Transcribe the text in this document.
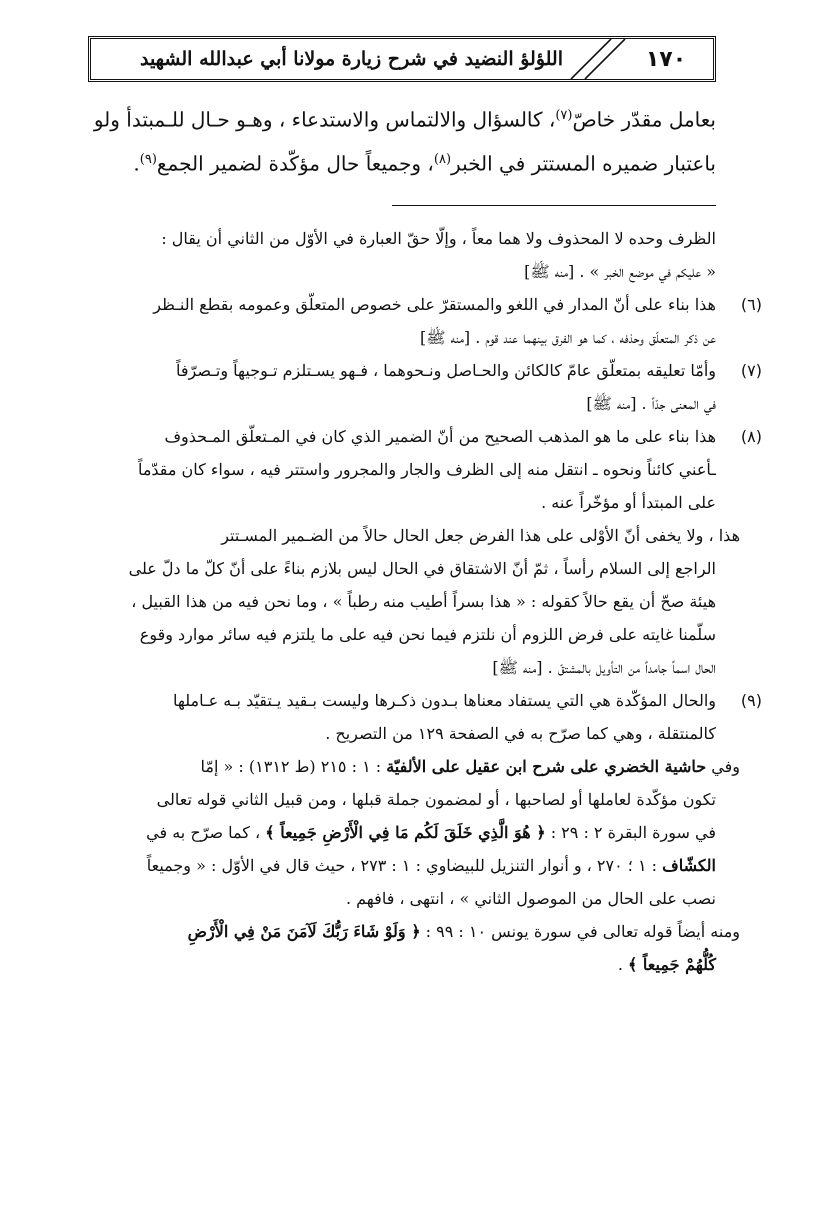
١٧٠
اللؤلؤ النضيد في شرح زيارة مولانا أبي عبدالله الشهيد

بعامل مقدّر خاصّ$^{(٧)}$، كالسؤال والالتماس والاستدعاء ، وهـو حـال للـمبتدأ ولو

باعتبار ضميره المستتر في الخبر$^{(٨)}$، وجميعاً حال مؤكّدة لضمير الجمع$^{(٩)}$.

الظرف وحده لا المحذوف ولا هما معاً ، وإلّا حقّ العبارة في الأوّل من الثاني أن يقال :
« عليكم في موضع الخبر » . [منه ﷺ]
(٦)
هذا بناء على أنّ المدار في اللغو والمستقرّ على خصوص المتعلّق وعمومه بقطع النـظر
عن ذكر المتعلّق وحذفه ، كما هو الفرق بينهما عند قوم . [منه ﷺ]
(٧)
وأمّا تعليقه بمتعلّق عامّ كالكائن والحـاصل ونـحوهما ، فـهو يسـتلزم تـوجيهاً وتـصرّفاً
في المعنى جدّاً . [منه ﷺ]
(٨)
هذا بناء على ما هو المذهب الصحيح من أنّ الضمير الذي كان في المـتعلّق المـحذوف
ـأعني كائناً ونحوه ـ انتقل منه إلى الظرف والجار والمجرور واستتر فيه ، سواء كان مقدّماً
على المبتدأ أو مؤخّراً عنه .
هذا ، ولا يخفى أنّ الأوْلى على هذا الفرض جعل الحال حالاً من الضـمير المسـتتر
الراجع إلى السلام رأساً ، ثمّ أنّ الاشتقاق في الحال ليس بلازم بناءً على أنّ كلّ ما دلّ على
هيئة صحّ أن يقع حالاً كقوله : « هذا بسراً أطيب منه رطباً » ، وما نحن فيه من هذا القبيل ،
سلّمنا غايته على فرض اللزوم أن نلتزم فيما نحن فيه على ما يلتزم فيه سائر موارد وقوع
الحال اسماً جامداً من التأويل بالمشتقّ . [منه ﷺ]
(٩)
والحال المؤكّدة هي التي يستفاد معناها بـدون ذكـرها وليست بـقيد يـتقيّد بـه عـاملها
كالمنتقلة ، وهي كما صرّح به في الصفحة ١٢٩ من التصريح .
وفي حاشية الخضري على شرح ابن عقيل على الألفيّة : ١ : ٢١٥ (ط ١٣١٢) : « إمّا
تكون مؤكّدة لعاملها أو لصاحبها ، أو لمضمون جملة قبلها ، ومن قبيل الثاني قوله تعالى
في سورة البقرة ٢ : ٢٩ : ﴿ هُوَ الَّذِي خَلَقَ لَكُم مَا فِي الْأَرْضِ جَمِيعاً ﴾ ، كما صرّح به في
الكشّاف : ١ ؛ ٢٧٠ ، و أنوار التنزيل للبيضاوي : ١ : ٢٧٣ ، حيث قال في الأوّل : « وجميعاً
نصب على الحال من الموصول الثاني » ، انتهى ، فافهم .
ومنه أيضاً قوله تعالى في سورة يونس ١٠ : ٩٩ : ﴿ وَلَوْ شَاءَ رَبُّكَ لَآمَنَ مَنْ فِي الْأَرْضِ
كُلُّهُمْ جَمِيعاً ﴾ .
